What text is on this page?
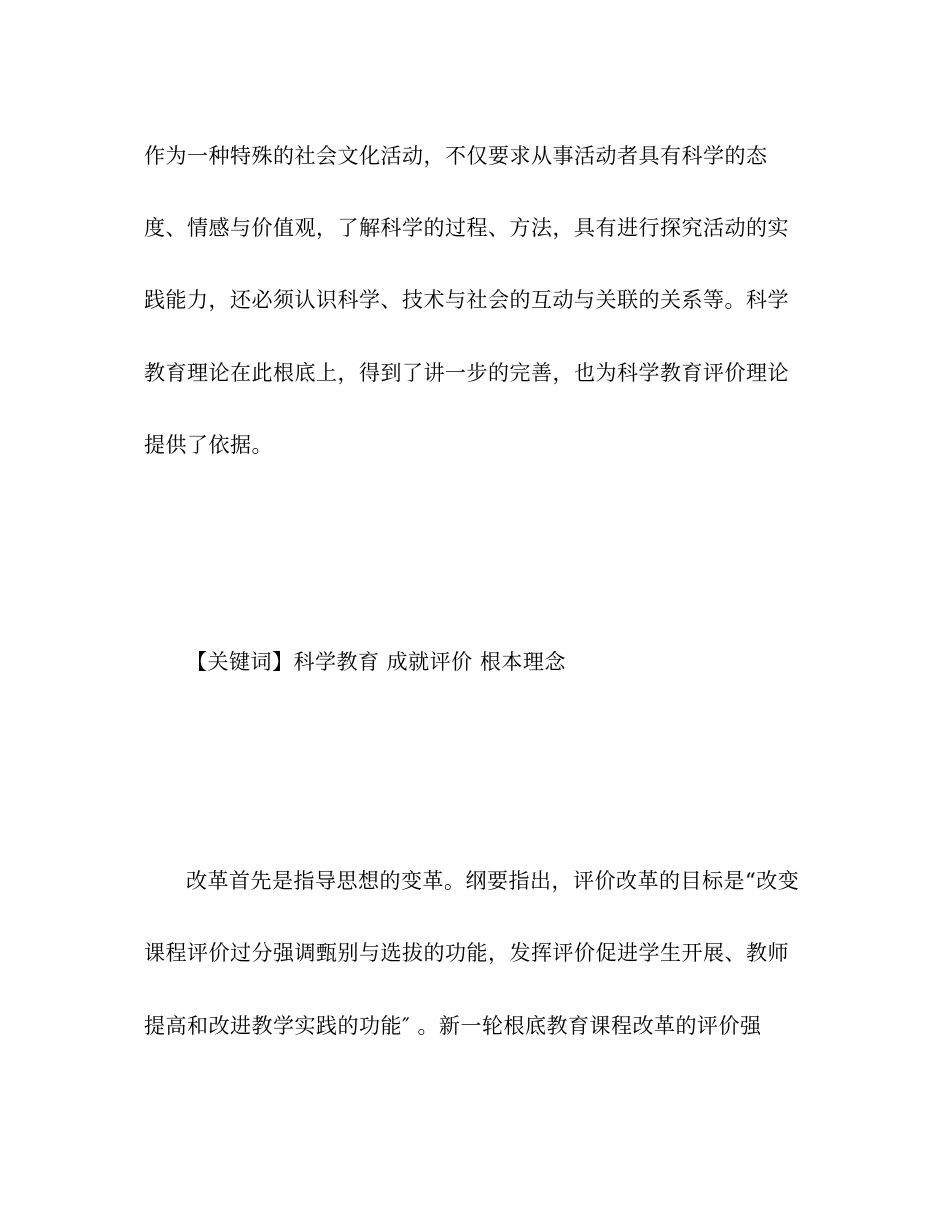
作为一种特殊的社会文化活动，不仅要求从事活动者具有科学的态
度、情感与价值观，了解科学的过程、方法，具有进行探究活动的实
践能力，还必须认识科学、技术与社会的互动与关联的关系等。科学
教育理论在此根底上，得到了讲一步的完善，也为科学教育评价理论
提供了依据。
【关键词】科学教育 成就评价 根本理念
改革首先是指导思想的变革。纲要指出，评价改革的目标是“改变
课程评价过分强调甄别与选拔的功能，发挥评价促进学生开展、教师
提高和改进教学实践的功能″ 。新一轮根底教育课程改革的评价强
